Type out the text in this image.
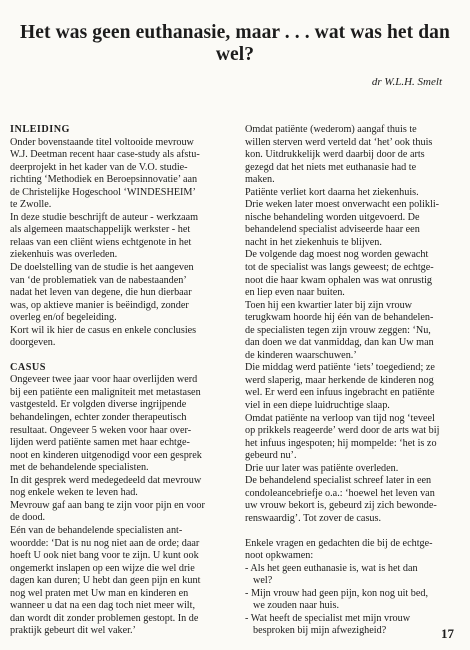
Het was geen euthanasie, maar . . . wat was het dan wel?
dr W.L.H. Smelt
INLEIDING
Onder bovenstaande titel voltooide mevrouw
W.J. Deetman recent haar case-study als afstu-
deerprojekt in het kader van de V.O. studie-
richting ‘Methodiek en Beroepsinnovatie’ aan
de Christelijke Hogeschool ‘WINDESHEIM’
te Zwolle.
In deze studie beschrijft de auteur - werkzaam
als algemeen maatschappelijk werkster - het
relaas van een cliënt wiens echtgenote in het
ziekenhuis was overleden.
De doelstelling van de studie is het aangeven
van ‘de problematiek van de nabestaanden’
nadat het leven van degene, die hun dierbaar
was, op aktieve manier is beëindigd, zonder
overleg en/of begeleiding.
Kort wil ik hier de casus en enkele conclusies
doorgeven.
CASUS
Ongeveer twee jaar voor haar overlijden werd
bij een patiënte een maligniteit met metastasen
vastgesteld. Er volgden diverse ingrijpende
behandelingen, echter zonder therapeutisch
resultaat. Ongeveer 5 weken voor haar over-
lijden werd patiënte samen met haar echtge-
noot en kinderen uitgenodigd voor een gesprek
met de behandelende specialisten.
In dit gesprek werd medegedeeld dat mevrouw
nog enkele weken te leven had.
Mevrouw gaf aan bang te zijn voor pijn en voor
de dood.
Eén van de behandelende specialisten ant-
woordde: ‘Dat is nu nog niet aan de orde; daar
hoeft U ook niet bang voor te zijn. U kunt ook
ongemerkt inslapen op een wijze die wel drie
dagen kan duren; U hebt dan geen pijn en kunt
nog wel praten met Uw man en kinderen en
wanneer u dat na een dag toch niet meer wilt,
dan wordt dit zonder problemen gestopt. In de
praktijk gebeurt dit wel vaker.’
Omdat patiënte (wederom) aangaf thuis te
willen sterven werd verteld dat ‘het’ ook thuis
kon. Uitdrukkelijk werd daarbij door de arts
gezegd dat het niets met euthanasie had te
maken.
Patiënte verliet kort daarna het ziekenhuis.
Drie weken later moest onverwacht een polikli-
nische behandeling worden uitgevoerd. De
behandelend specialist adviseerde haar een
nacht in het ziekenhuis te blijven.
De volgende dag moest nog worden gewacht
tot de specialist was langs geweest; de echtge-
noot die haar kwam ophalen was wat onrustig
en liep even naar buiten.
Toen hij een kwartier later bij zijn vrouw
terugkwam hoorde hij één van de behandelen-
de specialisten tegen zijn vrouw zeggen: ‘Nu,
dan doen we dat vanmiddag, dan kan Uw man
de kinderen waarschuwen.’
Die middag werd patiënte ‘iets’ toegediend; ze
werd slaperig, maar herkende de kinderen nog
wel. Er werd een infuus ingebracht en patiënte
viel in een diepe luidruchtige slaap.
Omdat patiënte na verloop van tijd nog ‘teveel
op prikkels reageerde’ werd door de arts wat bij
het infuus ingespoten; hij mompelde: ‘het is zo
gebeurd nu’.
Drie uur later was patiënte overleden.
De behandelend specialist schreef later in een
condoleancebriefje o.a.: ‘hoewel het leven van
uw vrouw bekort is, gebeurd zij zich bewonde-
renswaardig’. Tot zover de casus.
Enkele vragen en gedachten die bij de echtge-
noot opkwamen:
- Als het geen euthanasie is, wat is het dan
wel?
- Mijn vrouw had geen pijn, kon nog uit bed,
we zouden naar huis.
- Wat heeft de specialist met mijn vrouw
besproken bij mijn afwezigheid?	17
